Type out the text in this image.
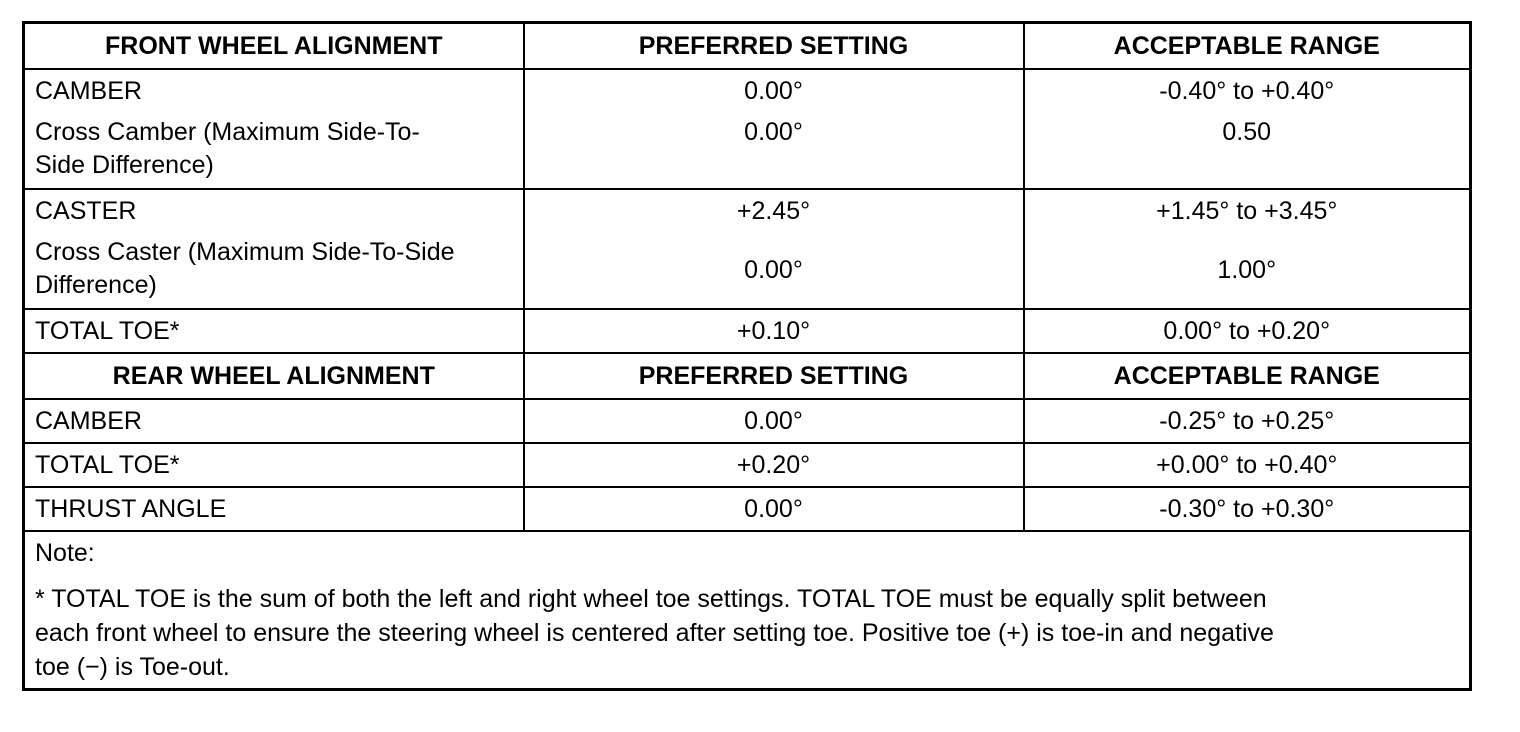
FRONT WHEEL ALIGNMENT	PREFERRED SETTING	ACCEPTABLE RANGE
CAMBER	0.00°	-0.40° to +0.40°

Cross Camber (Maximum Side-To-
Side Difference)	0.00°	0.50
CASTER	+2.45°	+1.45° to +3.45°

Cross Caster (Maximum Side-To-Side
Difference)	0.00°	1.00°
TOTAL TOE*	+0.10°	0.00° to +0.20°
REAR WHEEL ALIGNMENT	PREFERRED SETTING	ACCEPTABLE RANGE
CAMBER	0.00°	-0.25° to +0.25°
TOTAL TOE*	+0.20°	+0.00° to +0.40°
THRUST ANGLE	0.00°	-0.30° to +0.30°

Note:
* TOTAL TOE is the sum of both the left and right wheel toe settings. TOTAL TOE must be equally split between
each front wheel to ensure the steering wheel is centered after setting toe. Positive toe (+) is toe-in and negative
toe (−) is Toe-out.		
